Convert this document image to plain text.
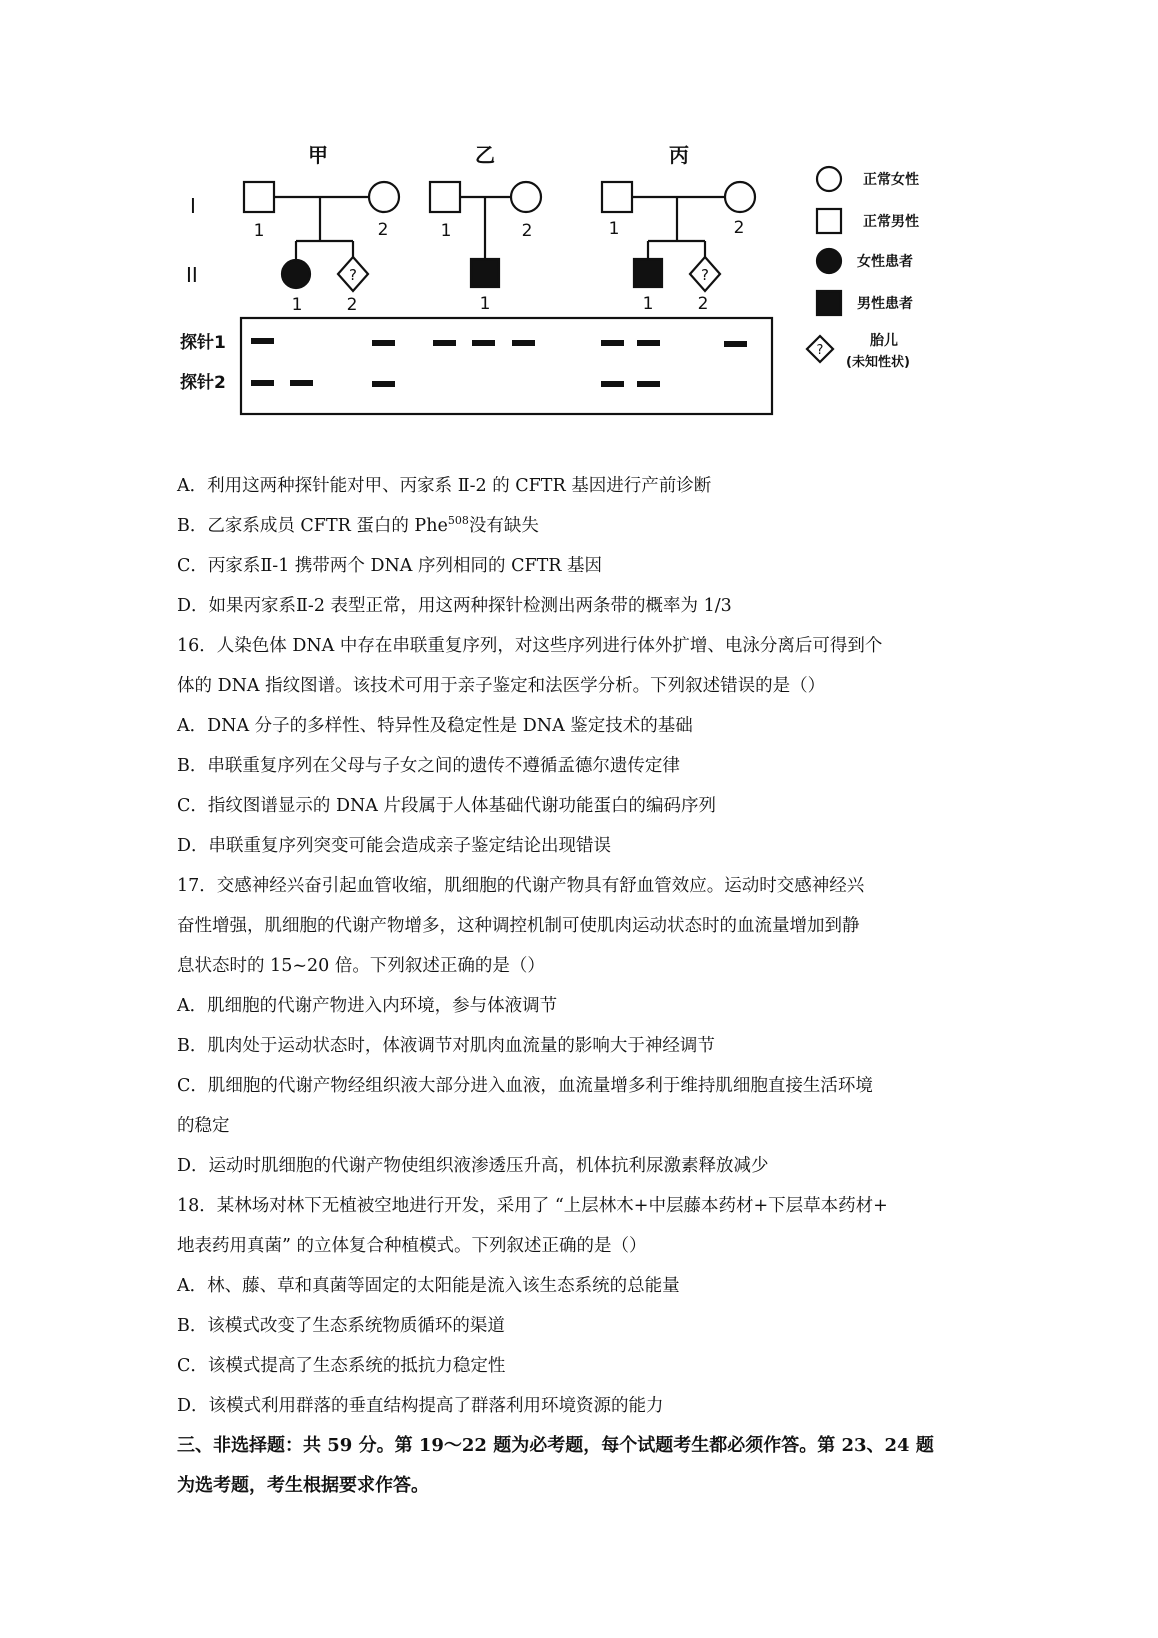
甲	乙	丙
I
II
1	2
1	2
1	2
1
1	2
1	2
?	?
?
探针1
探针2
正常女性
正常男性
女性患者
男性患者
胎儿
(未知性状)
A．利用这两种探针能对甲、丙家系 Ⅱ-2 的 CFTR 基因进行产前诊断
B．乙家系成员 CFTR 蛋白的 Phe$^{508}$没有缺失
C．丙家系Ⅱ-1 携带两个 DNA 序列相同的 CFTR 基因
D．如果丙家系Ⅱ-2 表型正常，用这两种探针检测出两条带的概率为 1/3
16．人染色体 DNA 中存在串联重复序列，对这些序列进行体外扩增、电泳分离后可得到个
体的 DNA 指纹图谱。该技术可用于亲子鉴定和法医学分析。下列叙述错误的是（）
A．DNA 分子的多样性、特异性及稳定性是 DNA 鉴定技术的基础
B．串联重复序列在父母与子女之间的遗传不遵循孟德尔遗传定律
C．指纹图谱显示的 DNA 片段属于人体基础代谢功能蛋白的编码序列
D．串联重复序列突变可能会造成亲子鉴定结论出现错误
17．交感神经兴奋引起血管收缩，肌细胞的代谢产物具有舒血管效应。运动时交感神经兴
奋性增强，肌细胞的代谢产物增多，这种调控机制可使肌肉运动状态时的血流量增加到静
息状态时的 15~20 倍。下列叙述正确的是（）
A．肌细胞的代谢产物进入内环境，参与体液调节
B．肌肉处于运动状态时，体液调节对肌肉血流量的影响大于神经调节
C．肌细胞的代谢产物经组织液大部分进入血液，血流量增多利于维持肌细胞直接生活环境
的稳定
D．运动时肌细胞的代谢产物使组织液渗透压升高，机体抗利尿激素释放减少
18．某林场对林下无植被空地进行开发，采用了 “上层林木+中层藤本药材+下层草本药材+
地表药用真菌” 的立体复合种植模式。下列叙述正确的是（）
A．林、藤、草和真菌等固定的太阳能是流入该生态系统的总能量
B．该模式改变了生态系统物质循环的渠道
C．该模式提高了生态系统的抵抗力稳定性
D．该模式利用群落的垂直结构提高了群落利用环境资源的能力
三、非选择题：共 59 分。第 19～22 题为必考题，每个试题考生都必须作答。第 23、24 题
为选考题，考生根据要求作答。
